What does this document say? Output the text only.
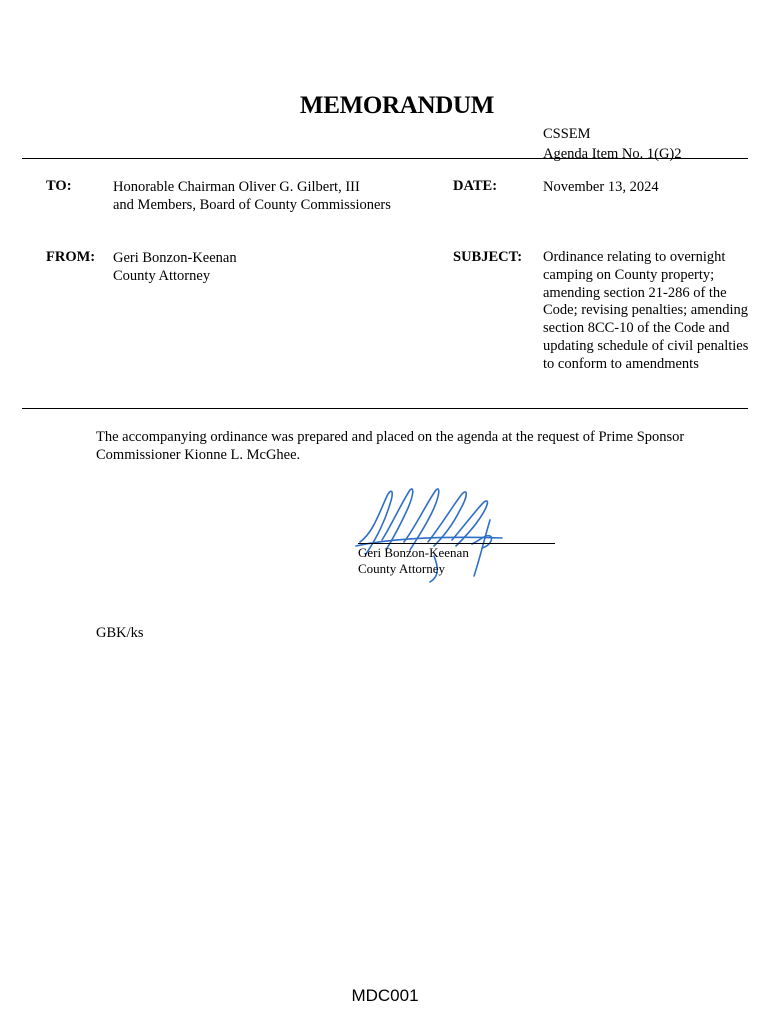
MEMORANDUM
CSSEM
Agenda Item No. 1(G)2
TO:	Honorable Chairman Oliver G. Gilbert, III
and Members, Board of County Commissioners
DATE:	November 13, 2024
FROM: Geri Bonzon-Keenan
County Attorney
SUBJECT: Ordinance relating to overnight camping on County property; amending section 21-286 of the Code; revising penalties; amending section 8CC-10 of the Code and updating schedule of civil penalties to conform to amendments
The accompanying ordinance was prepared and placed on the agenda at the request of Prime Sponsor Commissioner Kionne L. McGhee.
Geri Bonzon-Keenan
County Attorney
GBK/ks
MDC001
